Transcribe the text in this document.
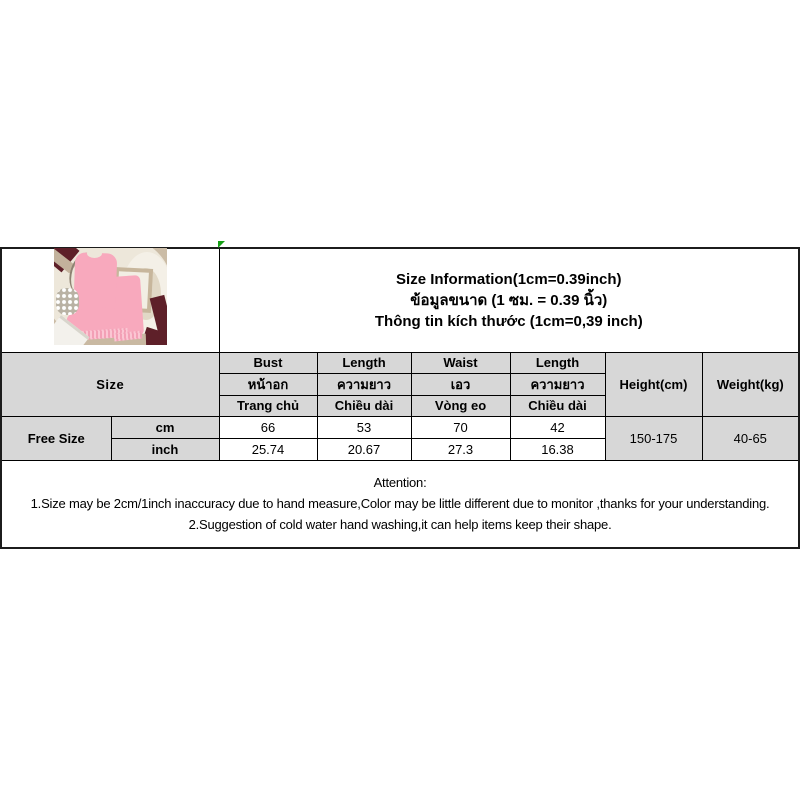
		Size Information(1cm=0.39inch)
ข้อมูลขนาด (1 ซม. = 0.39 นิ้ว)
Thông tin kích thước (1cm=0,39 inch)					

Size		Bust	Length	Waist	Length	Height(cm)	Weight(kg)
		หน้าอก	ความยาว	เอว	ความยาว		
		Trang chủ	Chiều dài	Vòng eo	Chiều dài		
Free Size	cm	66	53	70	42	150-175	40-65
	inch	25.74	20.67	27.3	16.38		

Attention:
1.Size may be 2cm/1inch inaccuracy due to hand measure,Color may be little different due to monitor ,thanks for your understanding.
2.Suggestion of cold water hand washing,it can help items keep their shape.							
